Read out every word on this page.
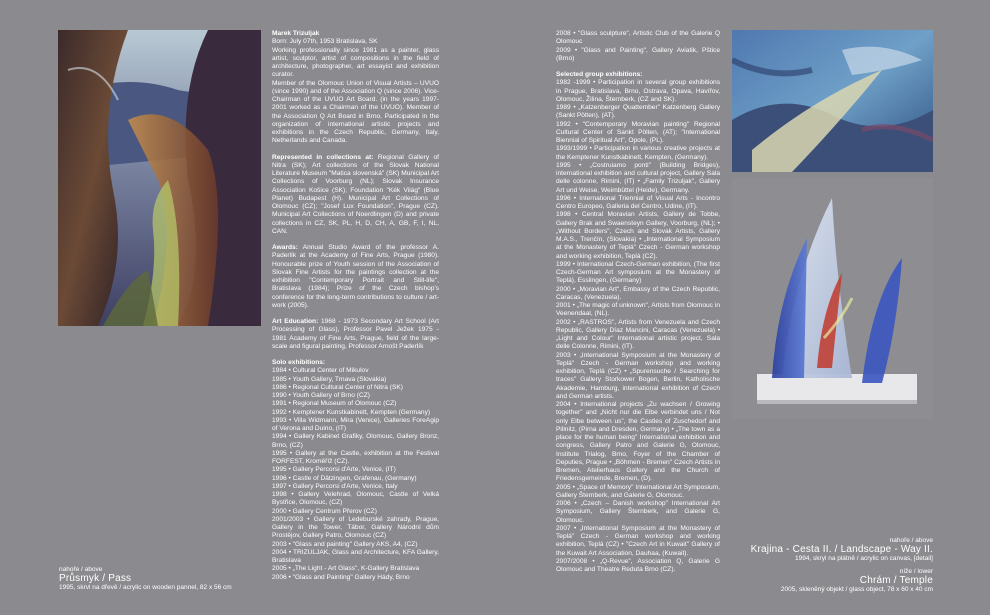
nahoře / above
Průsmyk / Pass
1995, skrvl na dřevě / acrylic on wooden pannel, 82 x 56 cm
nahoře / above
Krajina - Cesta II. / Landscape - Way II.
1994, skryl na plátně / acrylic on canvas, [detail]
níže / lower
Chrám / Temple
2005, skleněný objekt / glass object, 78 x 60 x 40 cm

Marek Trizuljak
Born: July 07th, 1953 Bratislava, SK
Working professionally since 1981 as a painter, glass artist, sculptor, artist of compositions in the field of architecture, photographer, art essayist and exhibition curator.
Member of the Olomouc Union of Visual Artists – UVUO (since 1990) and of the Association Q (since 2006). Vice-Chairman of the UVUO Art Board. (in the years 1997-2001 worked as a Chairman of the UVUO). Member of the Association Q Art Board in Brno. Participated in the organization of international artistic projects and exhibitions in the Czech Republic, Germany, Italy, Netherlands and Canada.

Represented in collections at: Regional Gallery of Nitra (SK); Art collections of the Slovak National Literature Museum "Matica slovenská" (SK) Municipal Art Collections of Voorburg (NL); Slovak Insurance Association Košice (SK); Foundation "Kék Világ" (Blue Planet) Budapest (H). Municipal Art Collections of Olomouc (CZ); "Josef Lux Foundation", Prague (CZ). Municipal Art Collections of Noerdlingen (D) and private collections in CZ, SK, PL, H, D, CH, A, GB, F, I, NL, CAN.

Awards: Annual Studio Award of the professor A. Paderlík at the Academy of Fine Arts, Prague (1980). Honourable prize of Youth session of the Association of Slovak Fine Artists for the paintings collection at the exhibition "Contemporary Portrait and Still-life", Bratislava (1984); Prize of the Czech bishop's conference for the long-term contributions to culture / art-work (2005).

Art Education: 1968 - 1973 Secondary Art School (Art Processing of Glass), Professor Pavel Ježek 1975 - 1981 Academy of Fine Arts, Prague, field of the large-scale and figural painting, Professor Arnošt Paderlík

Solo exhibitions:
1984 • Cultural Center of Mikulov
1985 • Youth Gallery, Trnava (Slovakia)
1986 • Regional Cultural Center of Nitra (SK)
1990 • Youth Gallery of Brno (CZ)
1991 • Regional Museum of Olomouc (CZ)
1992 • Kempten​er Kunstkabinett, Kempten (Germany)
1993 • Villa Widmann, Mira (Venice), Galleries ForeAgip of Verona and Duino, (IT)
1994 • Gallery Kabinet Grafiky, Olomouc, Gallery Bronz, Brno, (CZ)
1995 • Gallery at the Castle, exhibition at the Festival FORFEST, Kroměříž (CZ).
1995 • Gallery Percorsi d'Arte, Venice, (IT)
1996 • Castle of Dätzingen, Grafenau, (Germany)
1997 • Gallery Percorsi d'Arte, Venice, Italy
1998 • Gallery Velehrad, Olomouc, Castle of Velká Bystřice, Olomouc, (CZ)
2000 • Gallery Centrum Přerov (CZ)
2001/2003 • Gallery of Ledeburské zahrady, Prague, Gallery in the Tower, Tábor, Gallery Národní dům Prostějov, Gallery Patro, Olomouc (CZ)
2003 • "Glass and painting" Gallery AKS, A4, (CZ)
2004 • TRIZULJAK, Glass and Architecture, KFA Gallery, Bratislava
2005 • „The Light - Art Glass", K-Gallery Bratislava
2006 • "Glass and Painting" Gallery Hády, Brno

2008 • "Glass sculpture", Artistic Club of the Galerie Q Olomouc
2009 • "Glass and Painting", Gallery Aviatik, Pštice (Brno)

Selected group exhibitions:
1982 -1999 • Participation in several group exhibitions in Prague, Bratislava, Brno, Ostrava, Opava, Havířov, Olomouc, Žilina, Šternberk, (CZ and SK).
1989 • „Katzenberger Quattember" Katzenberg Gallery (Sankt Pölten), (AT).
1992 • "Contemporary Moravian painting" Regional Cultural Center of Sankt Pölten, (AT); "International Biennial of Spiritual Art", Opole, (PL).
1993/1999 • Participation in various creative projects at the Kemptener Kunstkabinett, Kempten, (Germany).
1995 • „Costruiamo ponti" (Building Bridges), international exhibition and cultural project, Gallery Sala delle colonne, Rimini, (IT) • „Family Trizuljak", Gallery Art und Weise, Weimbüttel (Heide), Germany.
1996 • International Triennial of Visual Arts - Incontro Centro Europeo, Galleria del Centro, Udine, (IT).
1998 • Central Moravian Artists, Gallery de Tobbe, Gallery Brak and Swaensteyn Gallery, Voorburg, (NL); • „Without Borders", Czech and Slovak Artists, Gallery M.A.S., Trenčín, (Slovakia) • „International Symposium at the Monastery of Teplá" Czech - German workshop and working exhibition, Teplá (CZ).
1999 • International Czech-German exhibition, (The first Czech-German Art symposium at the Monastery of Teplá), Esslingen, (Germany)
2000 • „Moravian Art", Embassy of the Czech Republic, Caracas, (Venezuela).
2001 • „The magic of unknown", Artists from Olomouc in Veenendaal, (NL).
2002 • „RASTROS", Artists from Venezuela and Czech Republic, Gallery Díaz Mancini, Caracas (Venezuela) • „Light and Colour" International artistic project, Sala delle Colonne, Rimini, (IT).
2003 • „International Symposium at the Monastery of Teplá" Czech - German workshop and working exhibition, Teplá (CZ) • „Spurensuche / Searching for traces" Gallery Storkower Bogen, Berlin, Katholische Akademie, Hamburg, international exhibition of Czech and German artists.
2004 • International projects „Zu wachsen / Growing together" and „Nicht nur die Elbe verbindet uns / Not only Elbe between us", the Castles of Zuschedorf and Pillnitz, (Pirna and Dresden, Germany) • „The town as a place for the human being" International exhibition and congress, Gallery Patro and Galerie G, Olomouc, Institute Trialog, Brno, Foyer of the Chamber of Deputies, Prague • „Böhmen - Bremen" Czech Artists in Bremen, Atelierhaus Gallery and the Church of Friedensgemeinde, Bremen, (D).
2005 • „Space of Memory" International Art Symposium, Gallery Šternberk, and Galerie G, Olomouc.
2006 • „Czech – Danish workshop" International Art Symposium, Gallery Šternberk, and Galerie G, Olomouc.
2007 • „International Symposium at the Monastery of Teplá" Czech - German workshop and working exhibition, Teplá (CZ) • "Czech Art in Kuwait" Gallery of the Kuwait Art Association, Dauhaa, (Kuwait).
2007/2008 • „Q-Revue", Association Q, Galerie G Olomouc and Theatre Reduta Brno (CZ).
